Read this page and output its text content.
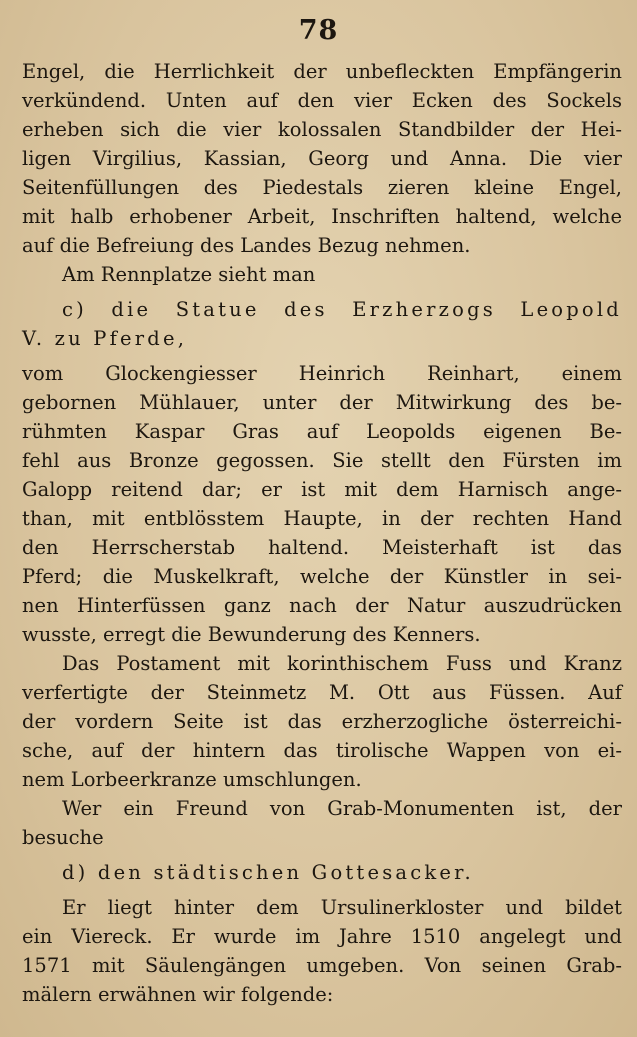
78
Engel, die Herrlichkeit der unbefleckten Empfängerin
verkündend. Unten auf den vier Ecken des Sockels
erheben sich die vier kolossalen Standbilder der Hei-
ligen Virgilius, Kassian, Georg und Anna. Die vier
Seitenfüllungen des Piedestals zieren kleine Engel,
mit halb erhobener Arbeit, Inschriften haltend, welche
auf die Befreiung des Landes Bezug nehmen.
Am Rennplatze sieht man
c) die Statue des Erzherzogs Leopold
V. zu Pferde,
vom Glockengiesser Heinrich Reinhart, einem
gebornen Mühlauer, unter der Mitwirkung des be-
rühmten Kaspar Gras auf Leopolds eigenen Be-
fehl aus Bronze gegossen. Sie stellt den Fürsten im
Galopp reitend dar; er ist mit dem Harnisch ange-
than, mit entblösstem Haupte, in der rechten Hand
den Herrscherstab haltend. Meisterhaft ist das
Pferd; die Muskelkraft, welche der Künstler in sei-
nen Hinterfüssen ganz nach der Natur auszudrücken
wusste, erregt die Bewunderung des Kenners.
Das Postament mit korinthischem Fuss und Kranz
verfertigte der Steinmetz M. Ott aus Füssen. Auf
der vordern Seite ist das erzherzogliche österreichi-
sche, auf der hintern das tirolische Wappen von ei-
nem Lorbeerkranze umschlungen.
Wer ein Freund von Grab-Monumenten ist, der
besuche
d) den städtischen Gottesacker.
Er liegt hinter dem Ursulinerkloster und bildet
ein Viereck. Er wurde im Jahre 1510 angelegt und
1571 mit Säulengängen umgeben. Von seinen Grab-
mälern erwähnen wir folgende:
